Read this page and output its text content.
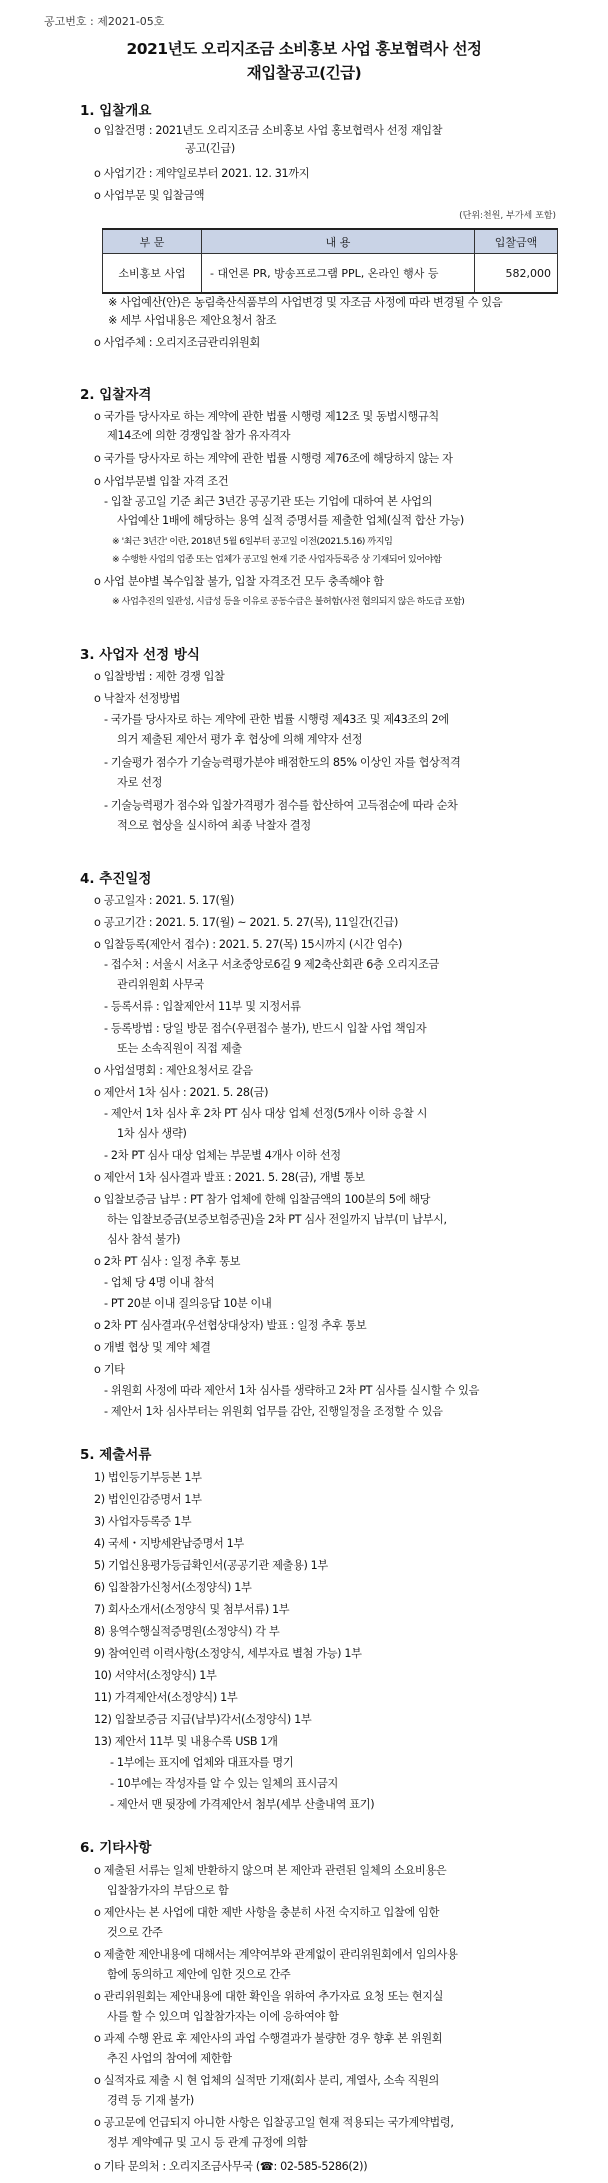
공고번호 : 제2021-05호
2021년도 오리지조금 소비홍보 사업 홍보협력사 선정
재입찰공고(긴급)
1. 입찰개요
2. 입찰자격
3. 사업자 선정 방식
4. 추진일정
5. 제출서류
6. 기타사항
(단위:천원, 부가세 포함)
부 문	내 용	입찰금액
소비홍보 사업	- 대언론 PR, 방송프로그램 PPL, 온라인 행사 등	582,000
o 입찰건명 : 2021년도 오리지조금 소비홍보 사업 홍보협력사 선정 재입찰
공고(긴급)
o 사업기간 : 계약일로부터 2021. 12. 31까지
o 사업부문 및 입찰금액
※ 사업예산(안)은 농림축산식품부의 사업변경 및 자조금 사정에 따라 변경될 수 있음
※ 세부 사업내용은 제안요청서 참조
o 사업주체 : 오리지조금관리위원회
o 국가를 당사자로 하는 계약에 관한 법률 시행령 제12조 및 동법시행규칙
제14조에 의한 경쟁입찰 참가 유자격자
o 국가를 당사자로 하는 계약에 관한 법률 시행령 제76조에 해당하지 않는 자
o 사업부문별 입찰 자격 조건
- 입찰 공고일 기준 최근 3년간 공공기관 또는 기업에 대하여 본 사업의
사업예산 1배에 해당하는 용역 실적 증명서를 제출한 업체(실적 합산 가능)
※ '최근 3년간' 이란, 2018년 5월 6일부터 공고일 이전(2021.5.16) 까지임
※ 수행한 사업의 업종 또는 업체가 공고일 현재 기준 사업자등록증 상 기재되어 있어야함
o 사업 분야별 복수입찰 불가, 입찰 자격조건 모두 충족해야 함
※ 사업추진의 일관성, 시급성 등을 이유로 공동수급은 불허함(사전 협의되지 않은 하도급 포함)
o 입찰방법 : 제한 경쟁 입찰
o 낙찰자 선정방법
- 국가를 당사자로 하는 계약에 관한 법률 시행령 제43조 및 제43조의 2에
의거 제출된 제안서 평가 후 협상에 의해 계약자 선정
- 기술평가 점수가 기술능력평가분야 배점한도의 85% 이상인 자를 협상적격
자로 선정
- 기술능력평가 점수와 입찰가격평가 점수를 합산하여 고득점순에 따라 순차
적으로 협상을 실시하여 최종 낙찰자 결정
o 공고일자 : 2021. 5. 17(월)
o 공고기간 : 2021. 5. 17(월) ~ 2021. 5. 27(목), 11일간(긴급)
o 입찰등록(제안서 접수) : 2021. 5. 27(목) 15시까지 (시간 엄수)
- 접수처 : 서울시 서초구 서초중앙로6길 9 제2축산회관 6층 오리지조금
관리위원회 사무국
- 등록서류 : 입찰제안서 11부 및 지정서류
- 등록방법 : 당일 방문 접수(우편접수 불가), 반드시 입찰 사업 책임자
또는 소속직원이 직접 제출
o 사업설명회 : 제안요청서로 갈음
o 제안서 1차 심사 : 2021. 5. 28(금)
- 제안서 1차 심사 후 2차 PT 심사 대상 업체 선정(5개사 이하 응찰 시
1차 심사 생략)
- 2차 PT 심사 대상 업체는 부문별 4개사 이하 선정
o 제안서 1차 심사결과 발표 : 2021. 5. 28(금), 개별 통보
o 입찰보증금 납부 : PT 참가 업체에 한해 입찰금액의 100분의 5에 해당
하는 입찰보증금(보증보험증권)을 2차 PT 심사 전일까지 납부(미 납부시,
심사 참석 불가)
o 2차 PT 심사 : 일정 추후 통보
- 업체 당 4명 이내 참석
- PT 20분 이내 질의응답 10분 이내
o 2차 PT 심사결과(우선협상대상자) 발표 : 일정 추후 통보
o 개별 협상 및 계약 체결
o 기타
- 위원회 사정에 따라 제안서 1차 심사를 생략하고 2차 PT 심사를 실시할 수 있음
- 제안서 1차 심사부터는 위원회 업무를 감안, 진행일정을 조정할 수 있음
1) 법인등기부등본 1부
2) 법인인감증명서 1부
3) 사업자등록증 1부
4) 국세・지방세완납증명서 1부
5) 기업신용평가등급확인서(공공기관 제출용) 1부
6) 입찰참가신청서(소정양식) 1부
7) 회사소개서(소정양식 및 첨부서류) 1부
8) 용역수행실적증명원(소정양식) 각 부
9) 참여인력 이력사항(소정양식, 세부자료 별첨 가능) 1부
10) 서약서(소정양식) 1부
11) 가격제안서(소정양식) 1부
12) 입찰보증금 지급(납부)각서(소정양식) 1부
13) 제안서 11부 및 내용수록 USB 1개
- 1부에는 표지에 업체와 대표자를 명기
- 10부에는 작성자를 알 수 있는 일체의 표시금지
- 제안서 맨 뒷장에 가격제안서 첨부(세부 산출내역 표기)
o 제출된 서류는 일체 반환하지 않으며 본 제안과 관련된 일체의 소요비용은
입찰참가자의 부담으로 함
o 제안사는 본 사업에 대한 제반 사항을 충분히 사전 숙지하고 입찰에 임한
것으로 간주
o 제출한 제안내용에 대해서는 계약여부와 관계없이 관리위원회에서 임의사용
함에 동의하고 제안에 임한 것으로 간주
o 관리위원회는 제안내용에 대한 확인을 위하여 추가자료 요청 또는 현지실
사를 할 수 있으며 입찰참가자는 이에 응하여야 함
o 과제 수행 완료 후 제안사의 과업 수행결과가 불량한 경우 향후 본 위원회
추진 사업의 참여에 제한함
o 실적자료 제출 시 현 업체의 실적만 기재(회사 분리, 계열사, 소속 직원의
경력 등 기재 불가)
o 공고문에 언급되지 아니한 사항은 입찰공고일 현재 적용되는 국가계약법령,
정부 계약예규 및 고시 등 관계 규정에 의함
o 기타 문의처 : 오리지조금사무국 (☎: 02-585-5286(2))
